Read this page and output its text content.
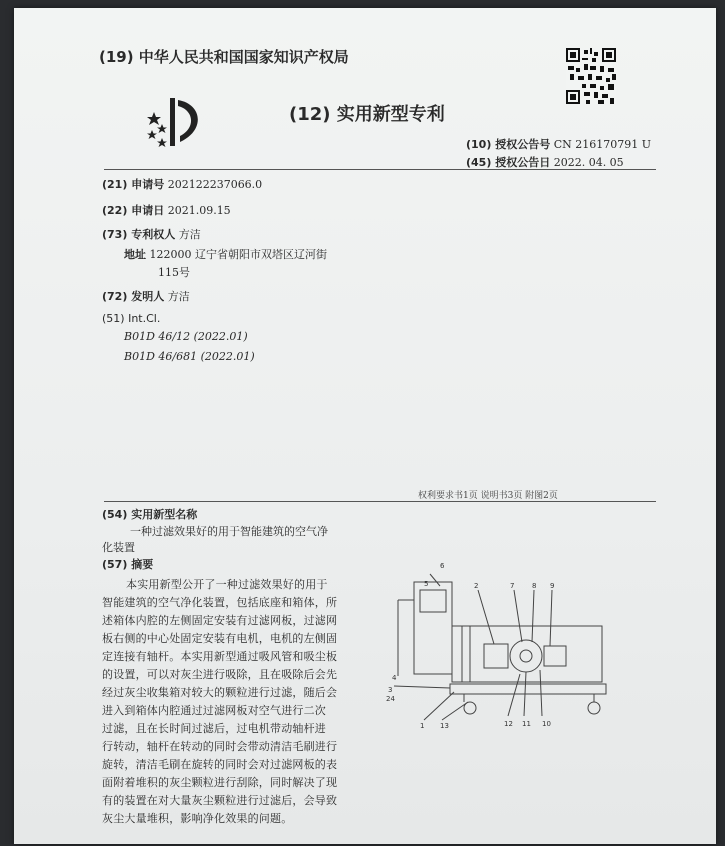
(19) 中华人民共和国国家知识产权局
(12) 实用新型专利
(10) 授权公告号 CN 216170791 U
(45) 授权公告日 2022. 04. 05
(21) 申请号 202122237066.0
(22) 申请日 2021.09.15
(73) 专利权人 方洁
地址 122000 辽宁省朝阳市双塔区辽河街
115号
(72) 发明人 方洁
(51) Int.Cl.
B01D 46/12 (2022.01)
B01D 46/681 (2022.01)
权利要求书1页 说明书3页 附图2页
(54) 实用新型名称
一种过滤效果好的用于智能建筑的空气净
化装置
(57) 摘要
本实用新型公开了一种过滤效果好的用于
智能建筑的空气净化装置，包括底座和箱体，所
述箱体内腔的左侧固定安装有过滤网板，过滤网
板右侧的中心处固定安装有电机，电机的左侧固
定连接有轴杆。本实用新型通过吸风管和吸尘板
的设置，可以对灰尘进行吸除，且在吸除后会先
经过灰尘收集箱对较大的颗粒进行过滤，随后会
进入到箱体内腔通过过滤网板对空气进行二次
过滤，且在长时间过滤后，过电机带动轴杆进
行转动，轴杆在转动的同时会带动清洁毛刷进行
旋转，清洁毛刷在旋转的同时会对过滤网板的表
面附着堆积的灰尘颗粒进行刮除，同时解决了现
有的装置在对大量灰尘颗粒进行过滤后，会导致
灰尘大量堆积，影响净化效果的问题。
6
5	2	7	8 9
4
3
24
1 13	12 11 10
